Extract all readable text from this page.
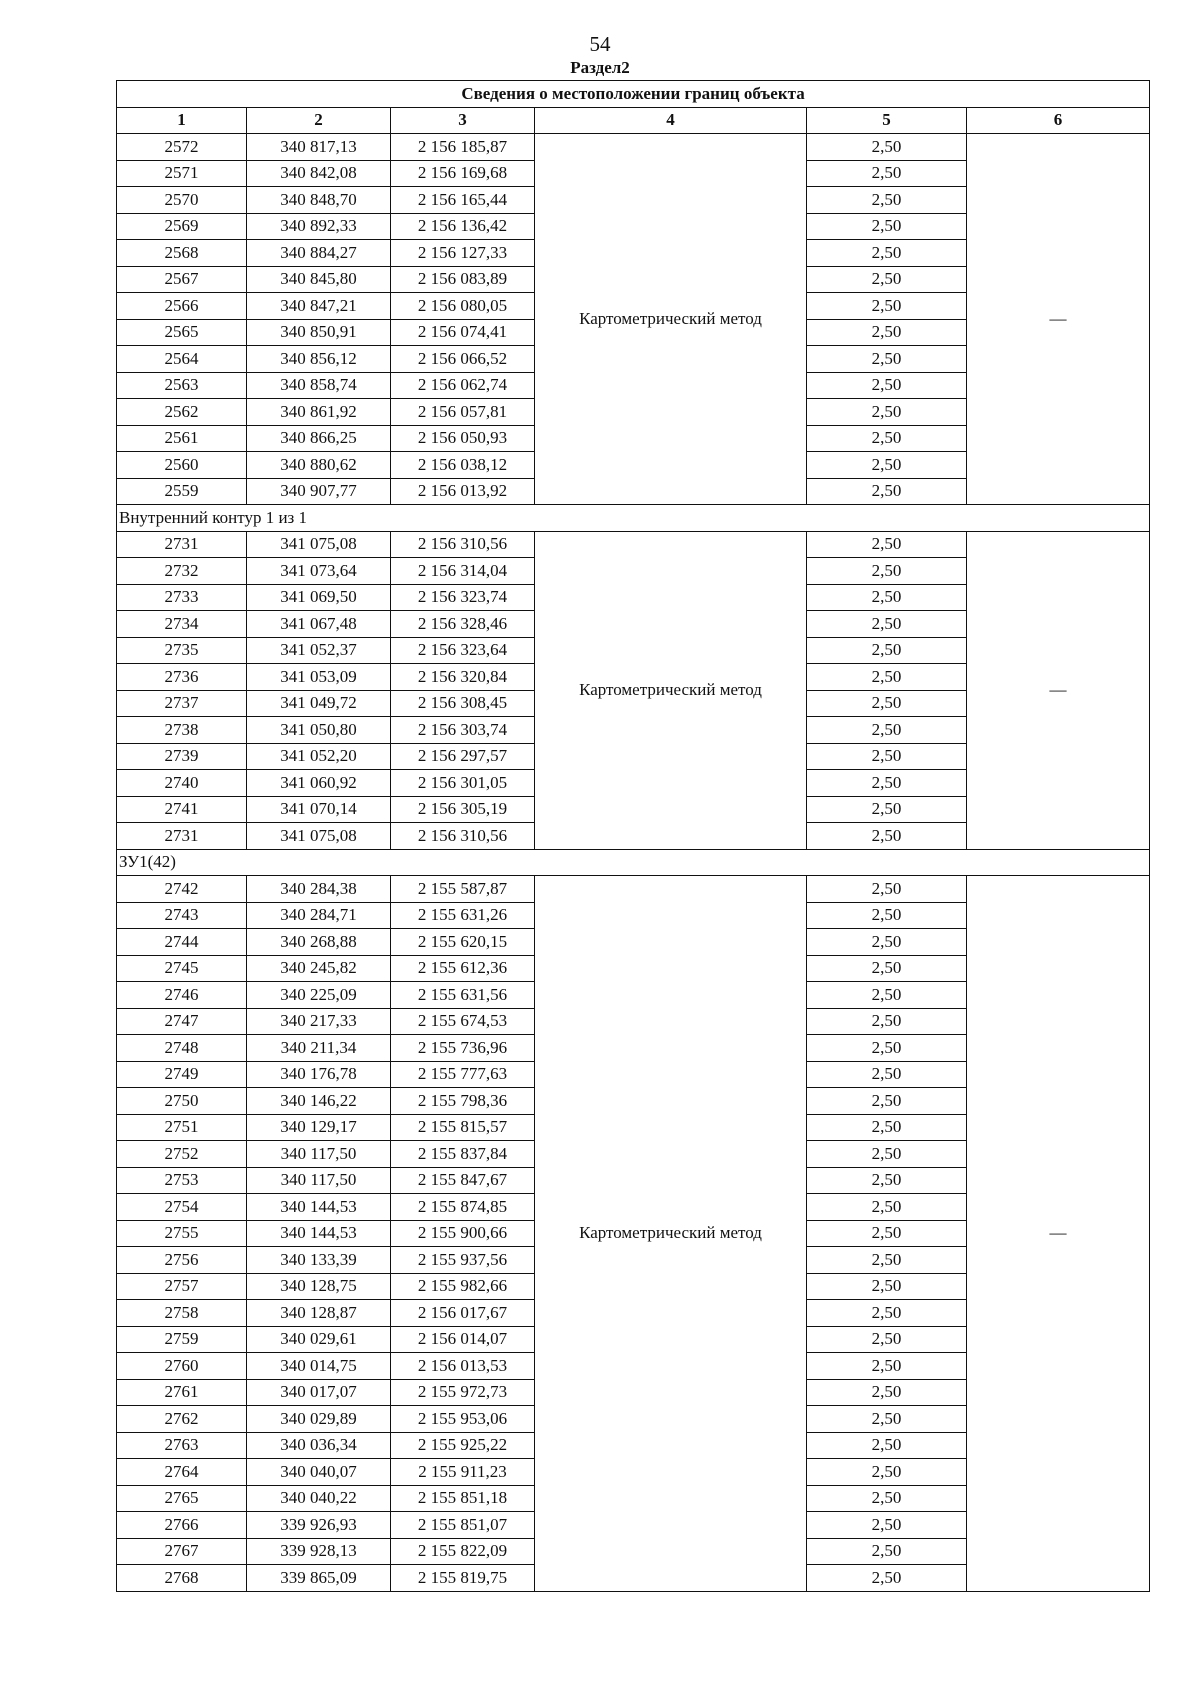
54
Раздел2
Сведения о местоположении границ объекта					
1	2	3	4	5	6
2572	340 817,13	2 156 185,87	Картометрический метод	2,50	—
2571	340 842,08	2 156 169,68		2,50	
2570	340 848,70	2 156 165,44		2,50	
2569	340 892,33	2 156 136,42		2,50	
2568	340 884,27	2 156 127,33		2,50	
2567	340 845,80	2 156 083,89		2,50	
2566	340 847,21	2 156 080,05		2,50	
2565	340 850,91	2 156 074,41		2,50	
2564	340 856,12	2 156 066,52		2,50	
2563	340 858,74	2 156 062,74		2,50	
2562	340 861,92	2 156 057,81		2,50	
2561	340 866,25	2 156 050,93		2,50	
2560	340 880,62	2 156 038,12		2,50	
2559	340 907,77	2 156 013,92		2,50	
Внутренний контур 1 из 1					
2731	341 075,08	2 156 310,56	Картометрический метод	2,50	—
2732	341 073,64	2 156 314,04		2,50	
2733	341 069,50	2 156 323,74		2,50	
2734	341 067,48	2 156 328,46		2,50	
2735	341 052,37	2 156 323,64		2,50	
2736	341 053,09	2 156 320,84		2,50	
2737	341 049,72	2 156 308,45		2,50	
2738	341 050,80	2 156 303,74		2,50	
2739	341 052,20	2 156 297,57		2,50	
2740	341 060,92	2 156 301,05		2,50	
2741	341 070,14	2 156 305,19		2,50	
2731	341 075,08	2 156 310,56		2,50	
ЗУ1(42)					
2742	340 284,38	2 155 587,87	Картометрический метод	2,50	—
2743	340 284,71	2 155 631,26		2,50	
2744	340 268,88	2 155 620,15		2,50	
2745	340 245,82	2 155 612,36		2,50	
2746	340 225,09	2 155 631,56		2,50	
2747	340 217,33	2 155 674,53		2,50	
2748	340 211,34	2 155 736,96		2,50	
2749	340 176,78	2 155 777,63		2,50	
2750	340 146,22	2 155 798,36		2,50	
2751	340 129,17	2 155 815,57		2,50	
2752	340 117,50	2 155 837,84		2,50	
2753	340 117,50	2 155 847,67		2,50	
2754	340 144,53	2 155 874,85		2,50	
2755	340 144,53	2 155 900,66		2,50	
2756	340 133,39	2 155 937,56		2,50	
2757	340 128,75	2 155 982,66		2,50	
2758	340 128,87	2 156 017,67		2,50	
2759	340 029,61	2 156 014,07		2,50	
2760	340 014,75	2 156 013,53		2,50	
2761	340 017,07	2 155 972,73		2,50	
2762	340 029,89	2 155 953,06		2,50	
2763	340 036,34	2 155 925,22		2,50	
2764	340 040,07	2 155 911,23		2,50	
2765	340 040,22	2 155 851,18		2,50	
2766	339 926,93	2 155 851,07		2,50	
2767	339 928,13	2 155 822,09		2,50	
2768	339 865,09	2 155 819,75		2,50	
